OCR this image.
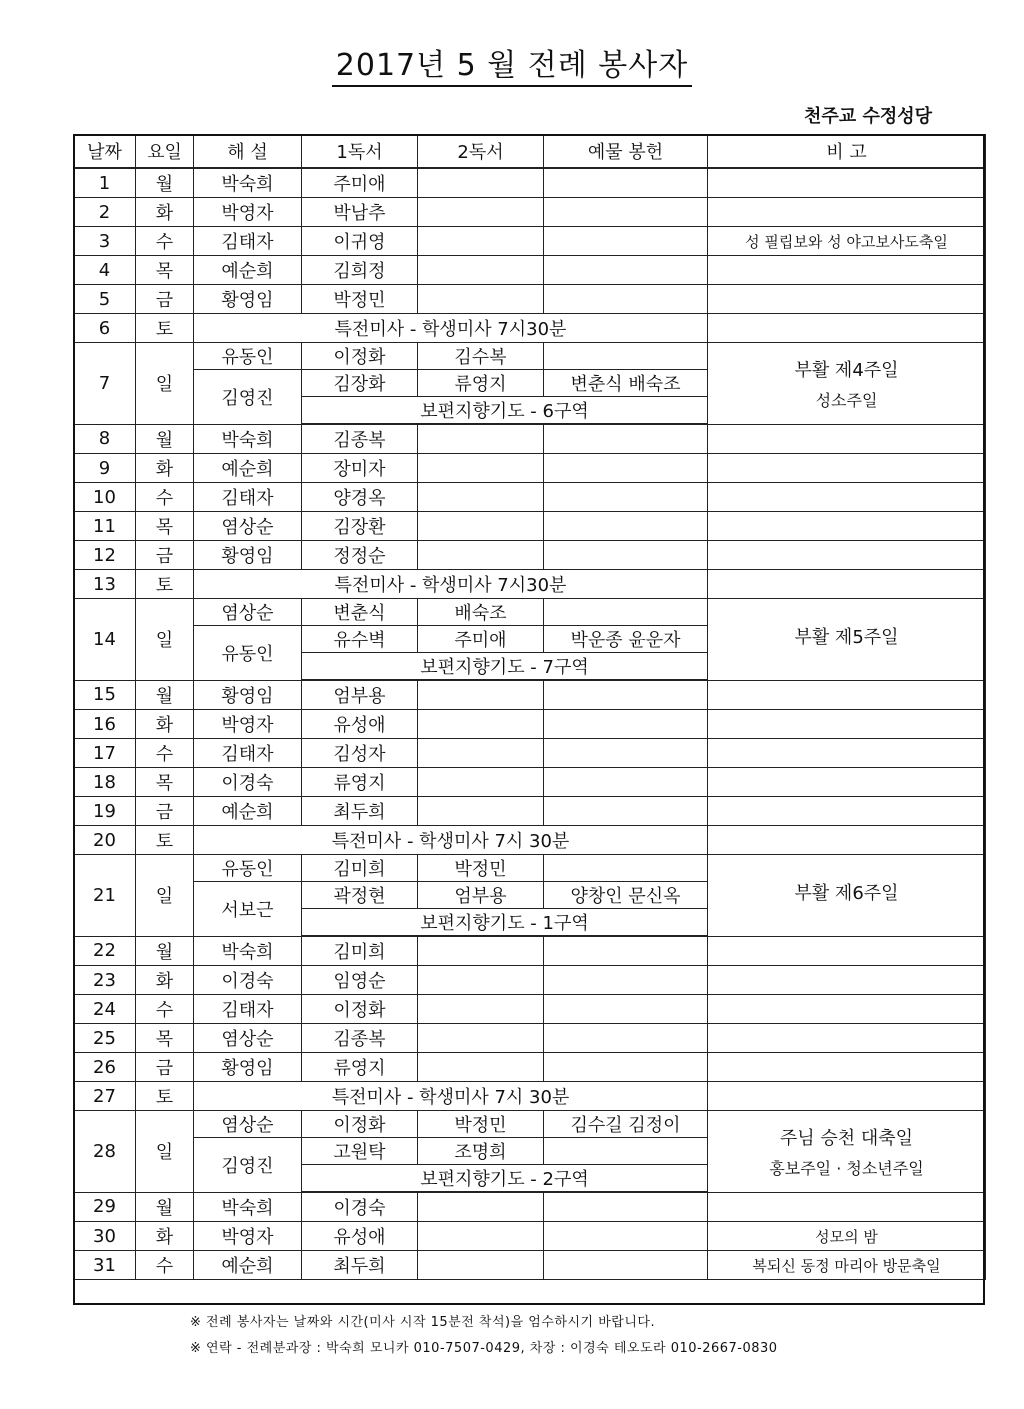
2017년 5 월 전례 봉사자
천주교 수정성당
날짜	요일	해 설	1독서	2독서	예물 봉헌	비 고
1	월	박숙희	주미애			
2	화	박영자	박남추			
3	수	김태자	이귀영			성 필립보와 성 야고보사도축일
4	목	예순희	김희정			
5	금	황영임	박정민			
6	토	특전미사 - 학생미사 7시30분				
7	일	유동인	이정화	김수복		부활 제4주일
성소주일

		김영진	김장화	류영지	변춘식 배숙조	
			보편지향기도 - 6구역			
8	월	박숙희	김종복			
9	화	예순희	장미자			
10	수	김태자	양경옥			
11	목	염상순	김장환			
12	금	황영임	정정순			
13	토	특전미사 - 학생미사 7시30분				
14	일	염상순	변춘식	배숙조		부활 제5주일

		유동인	유수벽	주미애	박운종 윤운자	
			보편지향기도 - 7구역			
15	월	황영임	엄부용			
16	화	박영자	유성애			
17	수	김태자	김성자			
18	목	이경숙	류영지			
19	금	예순희	최두희			
20	토	특전미사 - 학생미사 7시 30분				
21	일	유동인	김미희	박정민		부활 제6주일

		서보근	곽정현	엄부용	양창인 문신옥	
			보편지향기도 - 1구역			
22	월	박숙희	김미희			
23	화	이경숙	임영순			
24	수	김태자	이정화			
25	목	염상순	김종복			
26	금	황영임	류영지			
27	토	특전미사 - 학생미사 7시 30분				
28	일	염상순	이정화	박정민	김수길 김정이	주님 승천 대축일
홍보주일 · 청소년주일

		김영진	고원탁	조명희		
			보편지향기도 - 2구역			
29	월	박숙희	이경숙			
30	화	박영자	유성애			성모의 밤
31	수	예순희	최두희			복되신 동정 마리아 방문축일
※ 전례 봉사자는 날짜와 시간(미사 시작 15분전 착석)을 엄수하시기 바랍니다.
※ 연락 - 전례분과장 : 박숙희 모니카 010-7507-0429, 차장 : 이경숙 테오도라 010-2667-0830
